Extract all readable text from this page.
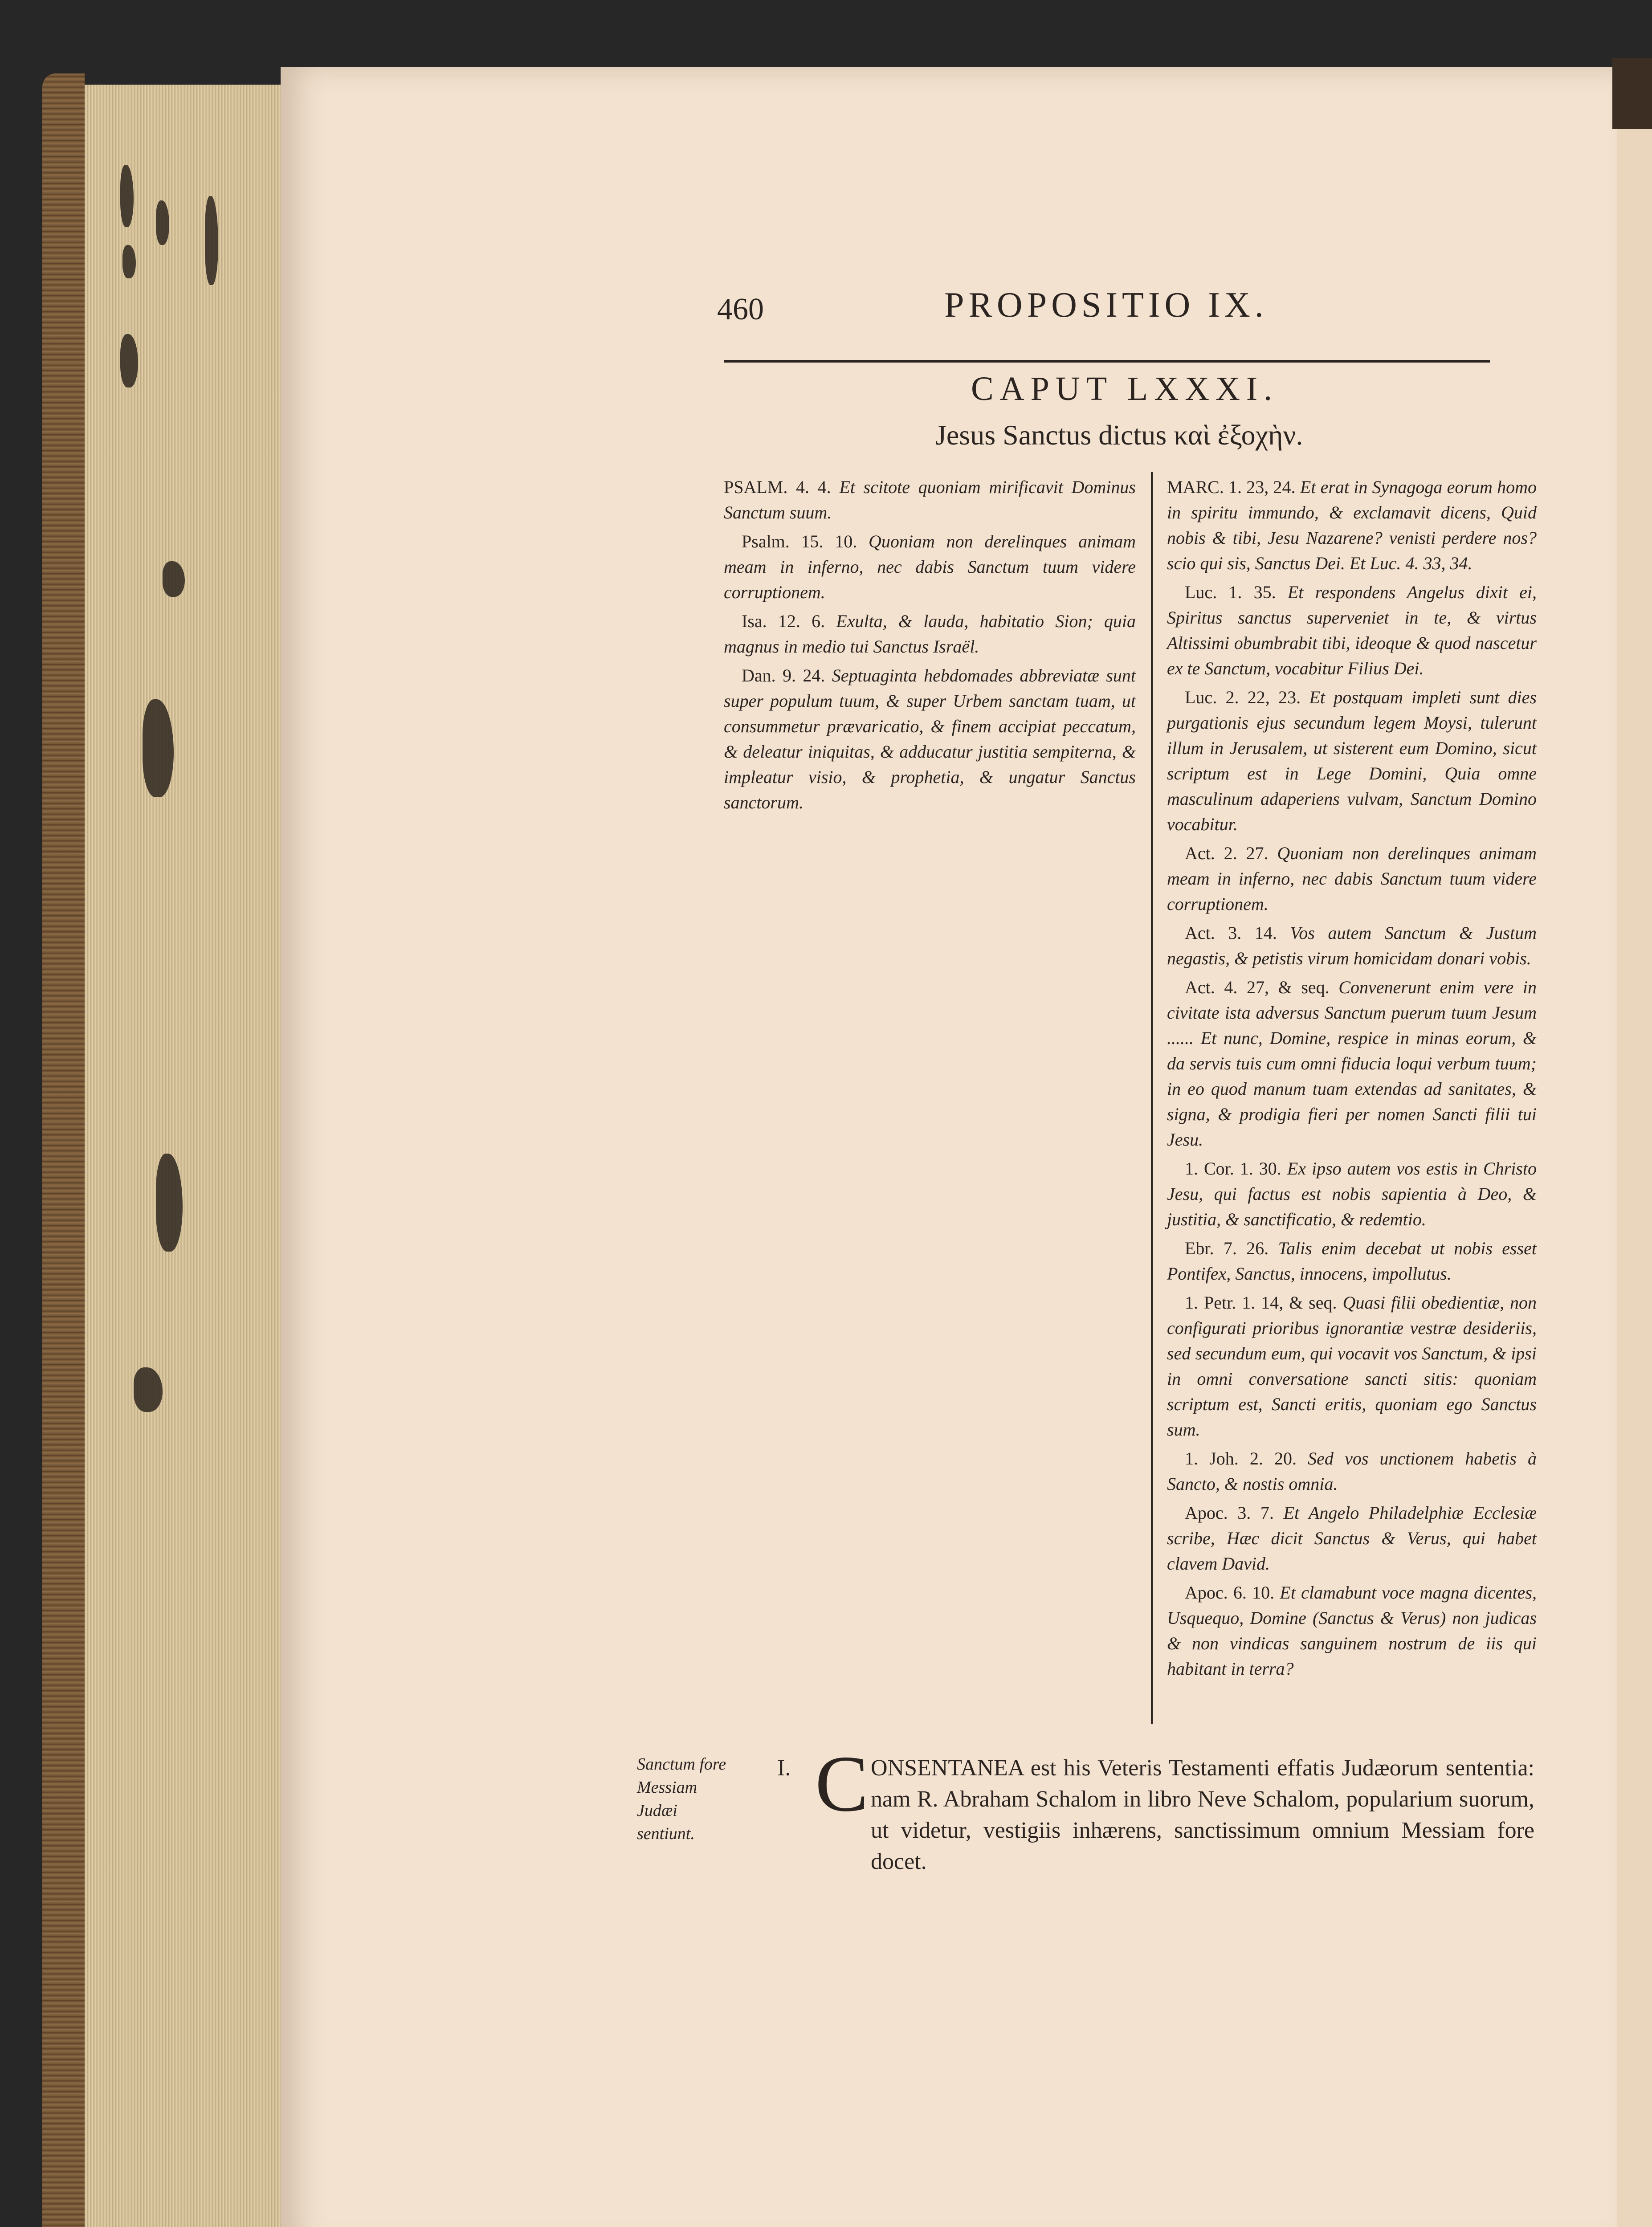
460	PROPOSITIO IX.
CAPUT LXXXI.
Jesus Sanctus dictus καὶ ἐξοχὴν.

PSALM. 4. 4. Et scitote quoniam mirificavit Dominus Sanctum suum.

Psalm. 15. 10. Quoniam non derelinques animam meam in inferno, nec dabis Sanctum tuum videre corruptionem.

Isa. 12. 6. Exulta, & lauda, habitatio Sion; quia magnus in medio tui Sanctus Israël.

Dan. 9. 24. Septuaginta hebdomades abbreviatæ sunt super populum tuum, & super Urbem sanctam tuam, ut consummetur prævaricatio, & finem accipiat peccatum, & deleatur iniquitas, & adducatur justitia sempiterna, & impleatur visio, & prophetia, & ungatur Sanctus sanctorum.

MARC. 1. 23, 24. Et erat in Synagoga eorum homo in spiritu immundo, & exclamavit dicens, Quid nobis & tibi, Jesu Nazarene? venisti perdere nos? scio qui sis, Sanctus Dei. Et Luc. 4. 33, 34.

Luc. 1. 35. Et respondens Angelus dixit ei, Spiritus sanctus superveniet in te, & virtus Altissimi obumbrabit tibi, ideoque & quod nascetur ex te Sanctum, vocabitur Filius Dei.

Luc. 2. 22, 23. Et postquam impleti sunt dies purgationis ejus secundum legem Moysi, tulerunt illum in Jerusalem, ut sisterent eum Domino, sicut scriptum est in Lege Domini, Quia omne masculinum adaperiens vulvam, Sanctum Domino vocabitur.

Act. 2. 27. Quoniam non derelinques animam meam in inferno, nec dabis Sanctum tuum videre corruptionem.

Act. 3. 14. Vos autem Sanctum & Justum negastis, & petistis virum homicidam donari vobis.

Act. 4. 27, & seq. Convenerunt enim vere in civitate ista adversus Sanctum puerum tuum Jesum ...... Et nunc, Domine, respice in minas eorum, & da servis tuis cum omni fiducia loqui verbum tuum; in eo quod manum tuam extendas ad sanitates, & signa, & prodigia fieri per nomen Sancti filii tui Jesu.

1. Cor. 1. 30. Ex ipso autem vos estis in Christo Jesu, qui factus est nobis sapientia à Deo, & justitia, & sanctificatio, & redemtio.

Ebr. 7. 26. Talis enim decebat ut nobis esset Pontifex, Sanctus, innocens, impollutus.

1. Petr. 1. 14, & seq. Quasi filii obedientiæ, non configurati prioribus ignorantiæ vestræ desideriis, sed secundum eum, qui vocavit vos Sanctum, & ipsi in omni conversatione sancti sitis: quoniam scriptum est, Sancti eritis, quoniam ego Sanctus sum.

1. Joh. 2. 20. Sed vos unctionem habetis à Sancto, & nostis omnia.

Apoc. 3. 7. Et Angelo Philadelphiæ Ecclesiæ scribe, Hæc dicit Sanctus & Verus, qui habet clavem David.

Apoc. 6. 10. Et clamabunt voce magna dicentes, Usquequo, Domine (Sanctus & Verus) non judicas & non vindicas sanguinem nostrum de iis qui habitant in terra?

Sanctum fore Messiam Judæi sentiunt.
I. C ONSENTANEA est his Veteris Testamenti effatis Judæorum sententia: nam R. Abraham Schalom in libro Neve Schalom, popularium suorum, ut videtur, vestigiis inhærens, sanctissimum omnium Messiam fore docet.
